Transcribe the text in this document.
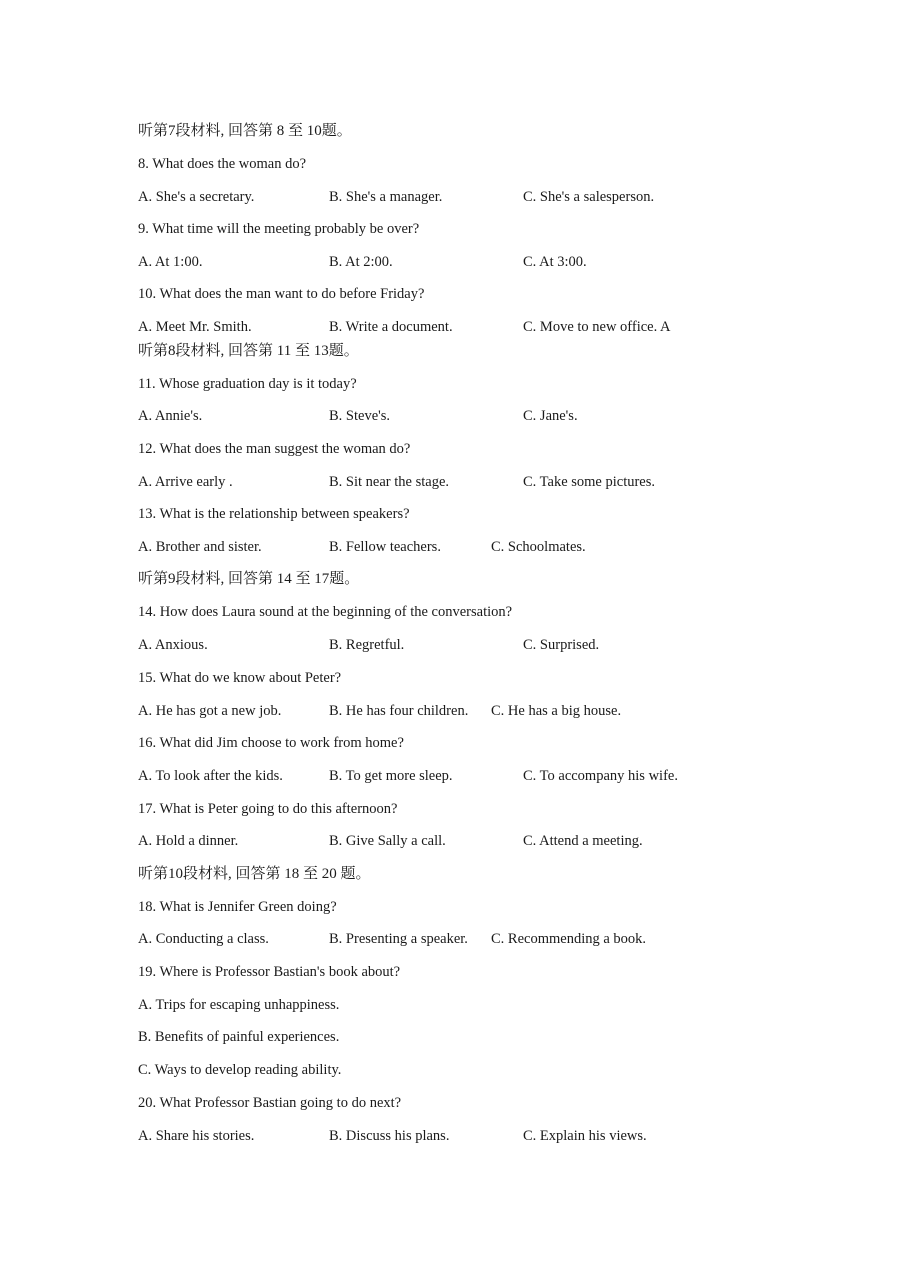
听第7段材料, 回答第 8 至 10题。
8. What does the woman do?
A. She's a secretary.	B. She's a manager.	C. She's a salesperson.
9. What time will the meeting probably be over?
A. At 1:00.	B. At 2:00.	C. At 3:00.
10. What does the man want to do before Friday?
A. Meet Mr. Smith.	B. Write a document.	C. Move to new office. A
听第8段材料, 回答第 11 至 13题。
11. Whose graduation day is it today?
A. Annie's.	B. Steve's.	C. Jane's.
12. What does the man suggest the woman do?
A. Arrive early .	B. Sit near the stage.	C. Take some pictures.
13. What is the relationship between speakers?
A. Brother and sister.	B. Fellow teachers.	C. Schoolmates.
听第9段材料, 回答第 14 至 17题。
14. How does Laura sound at the beginning of the conversation?
A. Anxious.	B. Regretful.	C. Surprised.
15. What do we know about Peter?
A. He has got a new job.	B. He has four children. C. He has a big house.
16. What did Jim choose to work from home?
A. To look after the kids.	B. To get more sleep.	C. To accompany his wife.
17. What is Peter going to do this afternoon?
A. Hold a dinner.	B. Give Sally a call.	C. Attend a meeting.
听第10段材料, 回答第 18 至 20 题。
18. What is Jennifer Green doing?
A. Conducting a class.	B. Presenting a speaker. C. Recommending a book.
19. Where is Professor Bastian's book about?
A. Trips for escaping unhappiness.
B. Benefits of painful experiences.
C. Ways to develop reading ability.
20. What Professor Bastian going to do next?
A. Share his stories.	B. Discuss his plans.	C. Explain his views.
